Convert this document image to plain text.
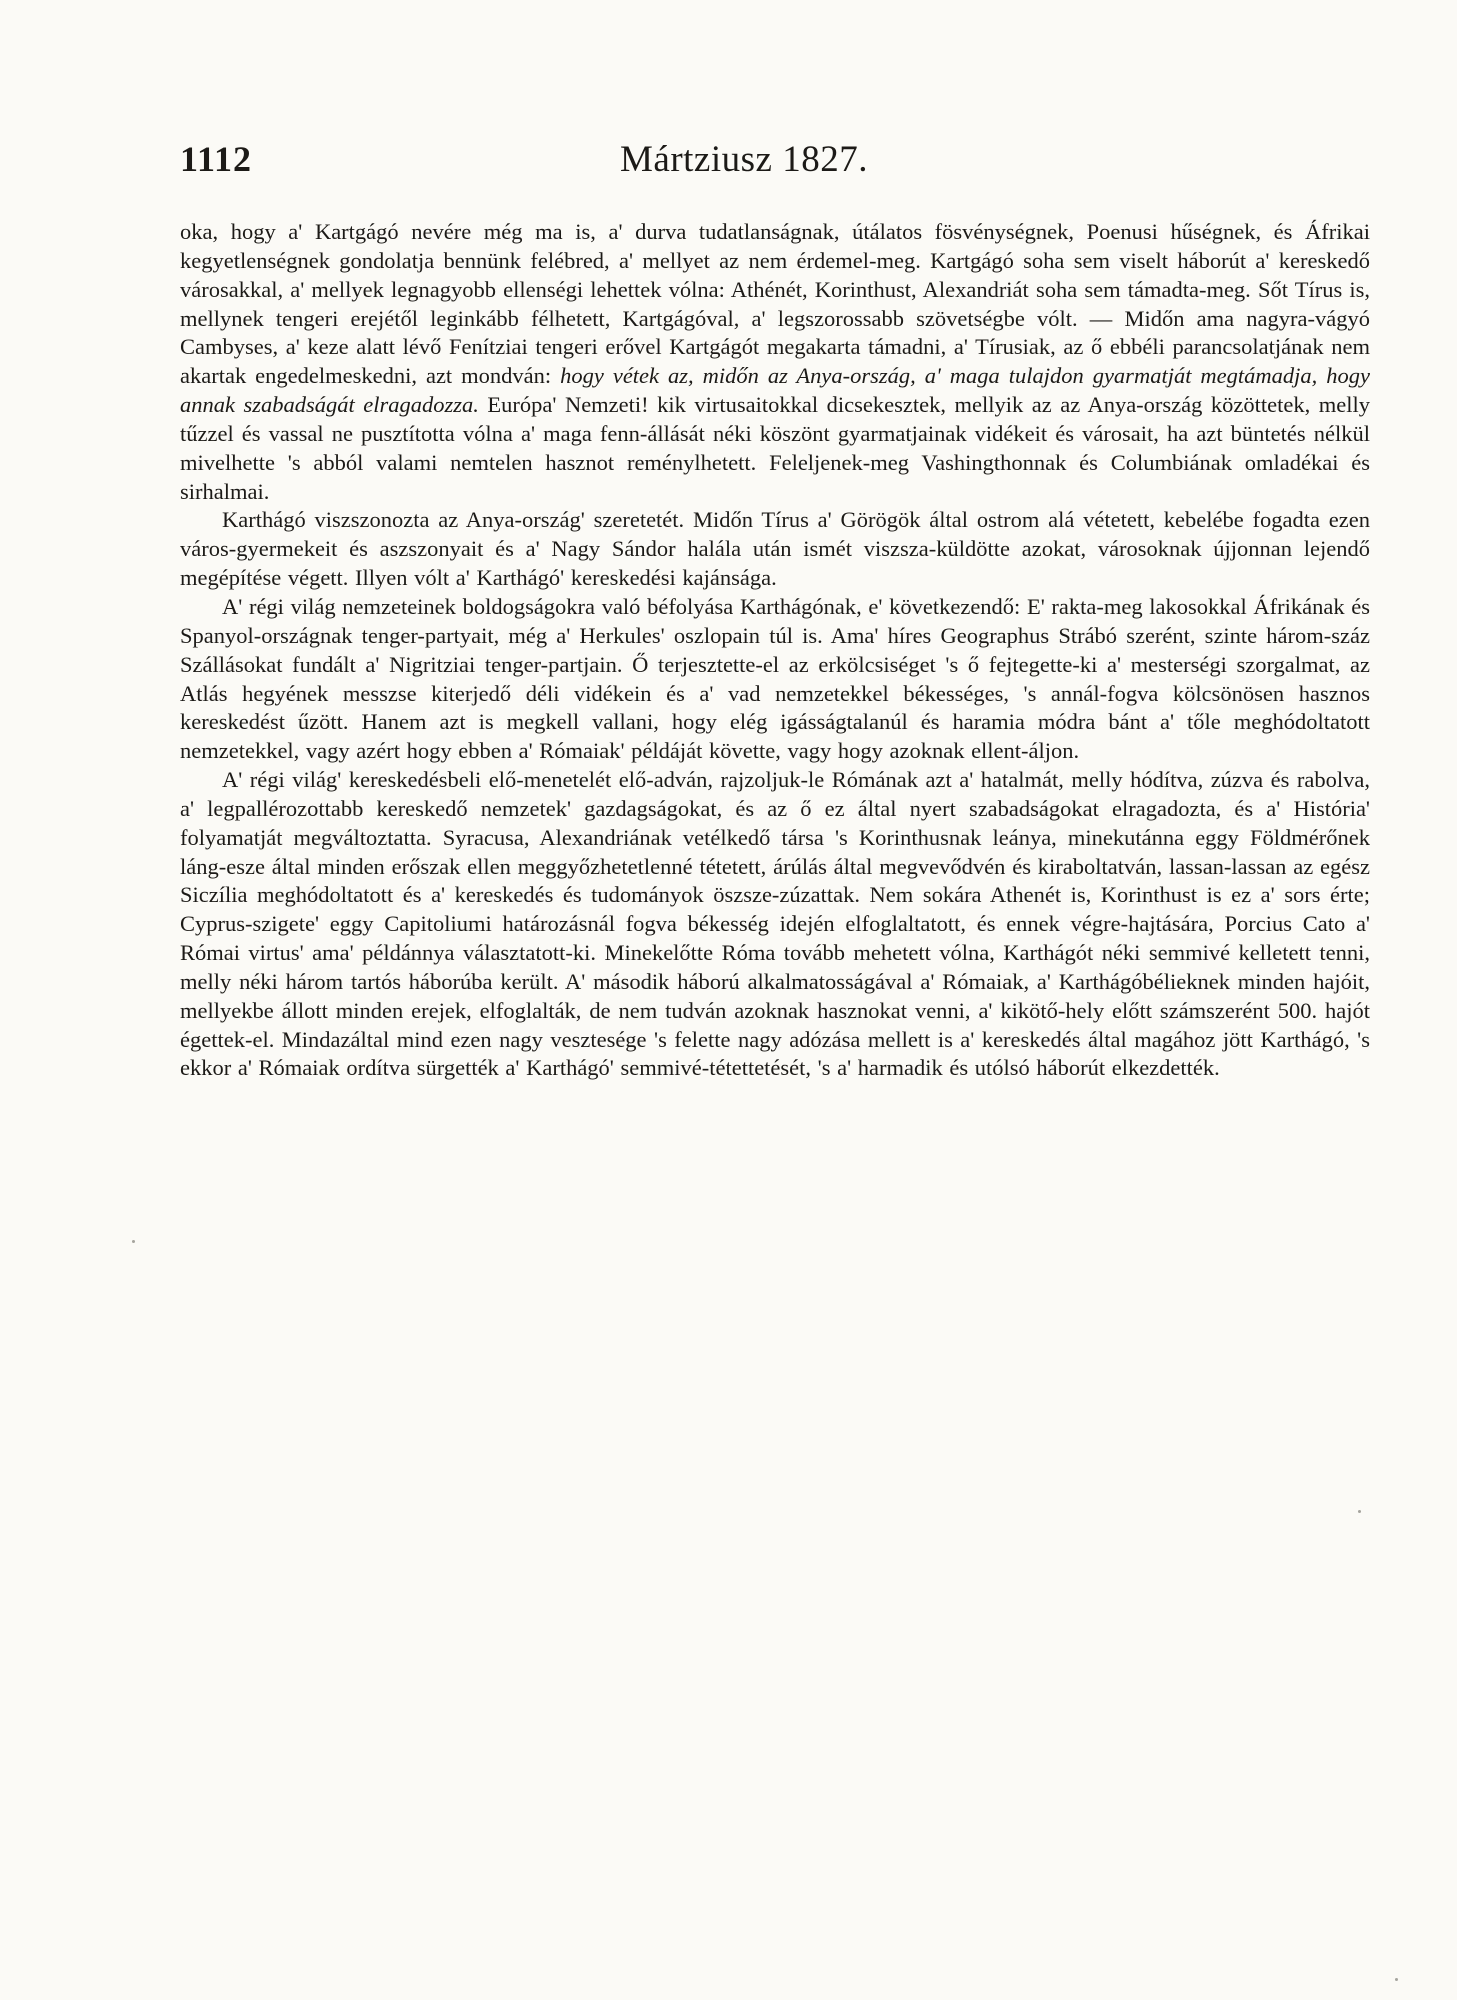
1112	Mártziusz 1827.

oka, hogy a' Kartgágó nevére még ma is, a' durva tudatlanságnak, útálatos fösvénységnek, Poenusi hűségnek, és Áfrikai kegyetlenségnek gondolatja bennünk felébred, a' mellyet az nem érdemel-meg. Kartgágó soha sem viselt háborút a' kereskedő városakkal, a' mellyek legnagyobb ellenségi lehettek vólna: Athénét, Korinthust, Alexandriát soha sem támadta-meg. Sőt Tírus is, mellynek tengeri erejétől leginkább félhetett, Kartgágóval, a' legszorossabb szövetségbe vólt. — Midőn ama nagyra-vágyó Cambyses, a' keze alatt lévő Fenítziai tengeri erővel Kartgágót megakarta támadni, a' Tírusiak, az ő ebbéli parancsolatjának nem akartak engedelmeskedni, azt mondván: hogy vétek az, midőn az Anya-ország, a' maga tulajdon gyarmatját megtámadja, hogy annak szabadságát elragadozza. Európa' Nemzeti! kik virtusaitokkal dicsekesztek, mellyik az az Anya-ország közöttetek, melly tűzzel és vassal ne pusztította vólna a' maga fenn-állását néki köszönt gyarmatjainak vidékeit és városait, ha azt büntetés nélkül mivelhette 's abból valami nemtelen hasznot reménylhetett. Feleljenek-meg Vashingthonnak és Columbiának omladékai és sirhalmai.

Karthágó viszszonozta az Anya-ország' szeretetét. Midőn Tírus a' Görögök által ostrom alá vétetett, kebelébe fogadta ezen város-gyermekeit és aszszonyait és a' Nagy Sándor halála után ismét viszsza-küldötte azokat, városoknak újjonnan lejendő megépítése végett. Illyen vólt a' Karthágó' kereskedési kajánsága.

A' régi világ nemzeteinek boldogságokra való béfolyása Karthágónak, e' következendő: E' rakta-meg lakosokkal Áfrikának és Spanyol-országnak tenger-partyait, még a' Herkules' oszlopain túl is. Ama' híres Geographus Strábó szerént, szinte három-száz Szállásokat fundált a' Nigritziai tenger-partjain. Ő terjesztette-el az erkölcsiséget 's ő fejtegette-ki a' mesterségi szorgalmat, az Atlás hegyének messzse kiterjedő déli vidékein és a' vad nemzetekkel békességes, 's annál-fogva kölcsönösen hasznos kereskedést űzött. Hanem azt is megkell vallani, hogy elég igásságtalanúl és haramia módra bánt a' tőle meghódoltatott nemzetekkel, vagy azért hogy ebben a' Rómaiak' példáját követte, vagy hogy azoknak ellent-áljon.

A' régi világ' kereskedésbeli elő-menetelét elő-adván, rajzoljuk-le Rómának azt a' hatalmát, melly hódítva, zúzva és rabolva, a' legpallérozottabb kereskedő nemzetek' gazdagságokat, és az ő ez által nyert szabadságokat elragadozta, és a' História' folyamatját megváltoztatta. Syracusa, Alexandriának vetélkedő társa 's Korinthusnak leánya, minekutánna eggy Földmérőnek láng-esze által minden erőszak ellen meggyőzhetetlenné tétetett, árúlás által megvevődvén és kiraboltatván, lassan-lassan az egész Siczília meghódoltatott és a' kereskedés és tudományok öszsze-zúzattak. Nem sokára Athenét is, Korinthust is ez a' sors érte; Cyprus-szigete' eggy Capitoliumi határozásnál fogva békesség idején elfoglaltatott, és ennek végre-hajtására, Porcius Cato a' Római virtus' ama' példánnya választatott-ki. Minekelőtte Róma tovább mehetett vólna, Karthágót néki semmivé kelletett tenni, melly néki három tartós háborúba került. A' második háború alkalmatosságával a' Rómaiak, a' Karthágóbélieknek minden hajóit, mellyekbe állott minden erejek, elfoglalták, de nem tudván azoknak hasznokat venni, a' kikötő-hely előtt számszerént 500. hajót égettek-el. Mindazáltal mind ezen nagy vesztesége 's felette nagy adózása mellett is a' kereskedés által magához jött Karthágó, 's ekkor a' Rómaiak ordítva sürgették a' Karthágó' semmivé-tétettetését, 's a' harmadik és utólsó háborút elkezdették.
